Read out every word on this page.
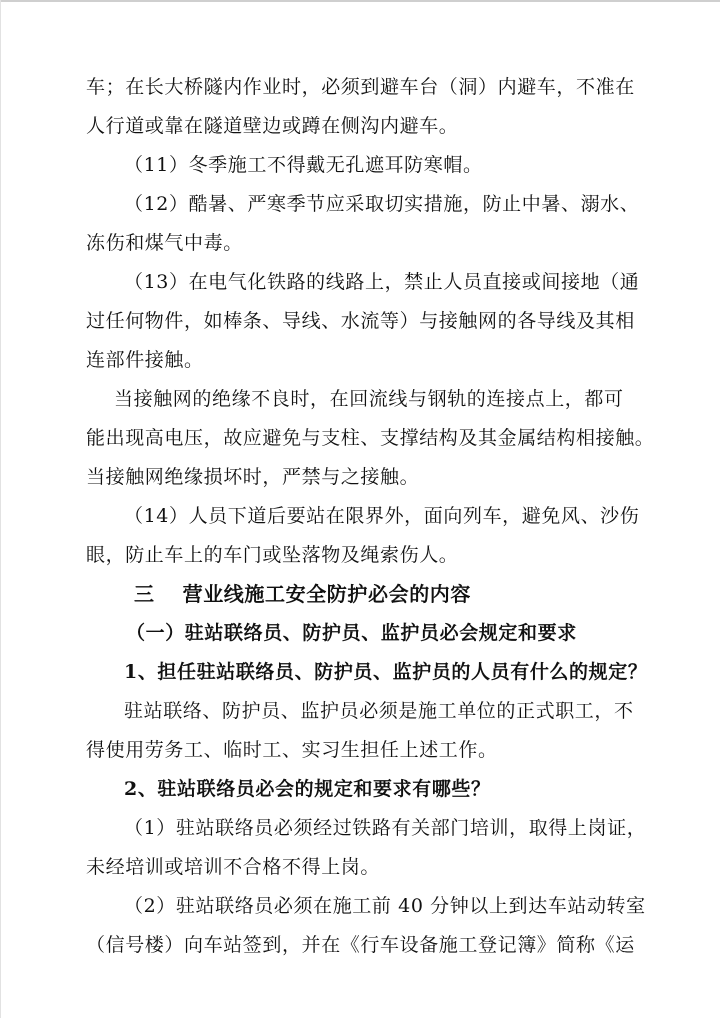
车；在长大桥隧内作业时，必须到避车台（洞）内避车，不准在
人行道或靠在隧道壁边或蹲在侧沟内避车。
（11）冬季施工不得戴无孔遮耳防寒帽。
（12）酷暑、严寒季节应采取切实措施，防止中暑、溺水、
冻伤和煤气中毒。
（13）在电气化铁路的线路上，禁止人员直接或间接地（通
过任何物件，如棒条、导线、水流等）与接触网的各导线及其相
连部件接触。
当接触网的绝缘不良时，在回流线与钢轨的连接点上，都可
能出现高电压，故应避免与支柱、支撑结构及其金属结构相接触。
当接触网绝缘损坏时，严禁与之接触。
（14）人员下道后要站在限界外，面向列车，避免风、沙伤
眼，防止车上的车门或坠落物及绳索伤人。
三 营业线施工安全防护必会的内容
（一）驻站联络员、防护员、监护员必会规定和要求
1、担任驻站联络员、防护员、监护员的人员有什么的规定？
驻站联络、防护员、监护员必须是施工单位的正式职工，不
得使用劳务工、临时工、实习生担任上述工作。
2、驻站联络员必会的规定和要求有哪些？
（1）驻站联络员必须经过铁路有关部门培训，取得上岗证，
未经培训或培训不合格不得上岗。
（2）驻站联络员必须在施工前 40 分钟以上到达车站动转室
（信号楼）向车站签到，并在《行车设备施工登记簿》简称《运
